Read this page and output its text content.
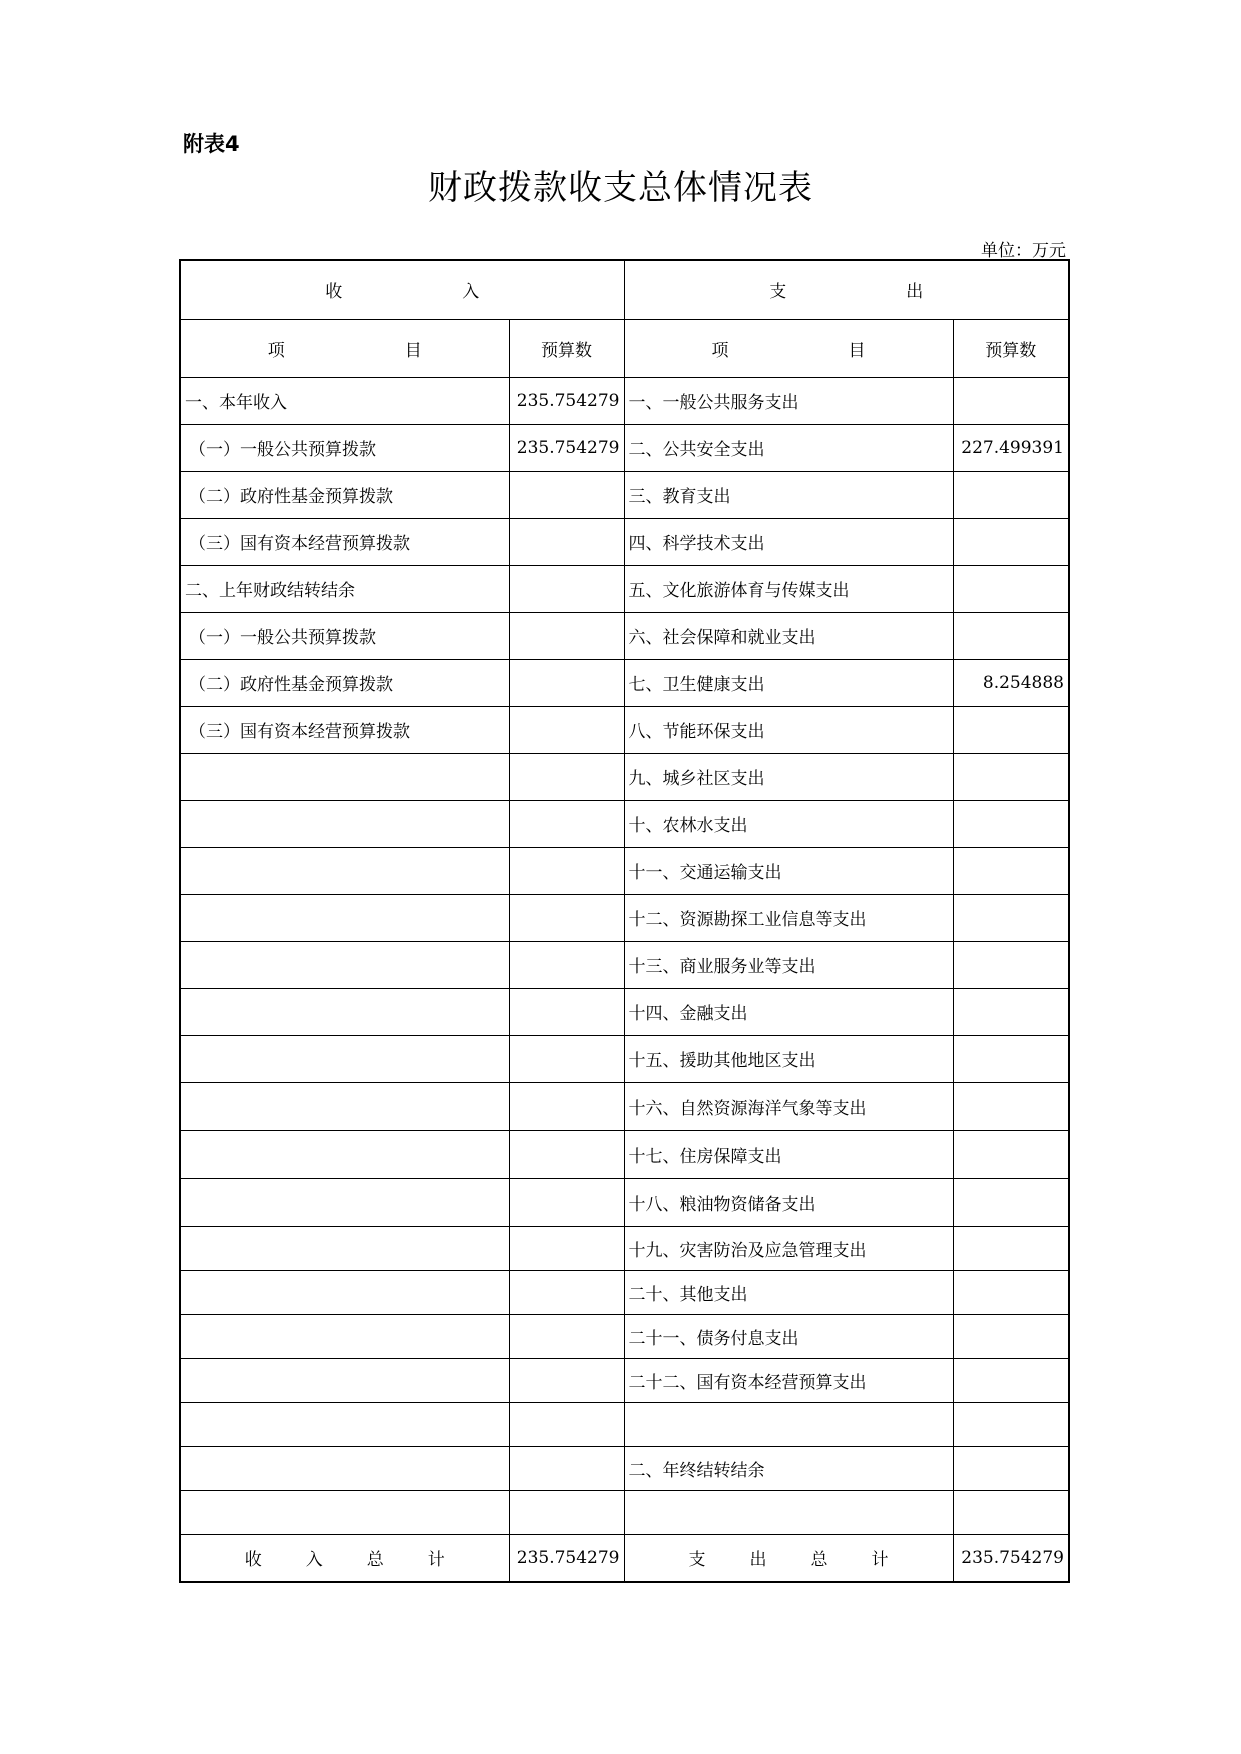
附表4
财政拨款收支总体情况表
单位：万元
收 入		支 出	
项 目	预算数	项 目	预算数
一、本年收入	235.754279	一、一般公共服务支出	
（一）一般公共预算拨款	235.754279	二、公共安全支出	227.499391
（二）政府性基金预算拨款		三、教育支出	
（三）国有资本经营预算拨款		四、科学技术支出	
二、上年财政结转结余		五、文化旅游体育与传媒支出	
（一）一般公共预算拨款		六、社会保障和就业支出	
（二）政府性基金预算拨款		七、卫生健康支出	8.254888
（三）国有资本经营预算拨款		八、节能环保支出	
		九、城乡社区支出	
		十、农林水支出	
		十一、交通运输支出	
		十二、资源勘探工业信息等支出	
		十三、商业服务业等支出	
		十四、金融支出	
		十五、援助其他地区支出	
		十六、自然资源海洋气象等支出	
		十七、住房保障支出	
		十八、粮油物资储备支出	
		十九、灾害防治及应急管理支出	
		二十、其他支出	
		二十一、债务付息支出	
		二十二、国有资本经营预算支出	

		二、年终结转结余	

收 入 总 计	235.754279	支 出 总 计	235.754279
